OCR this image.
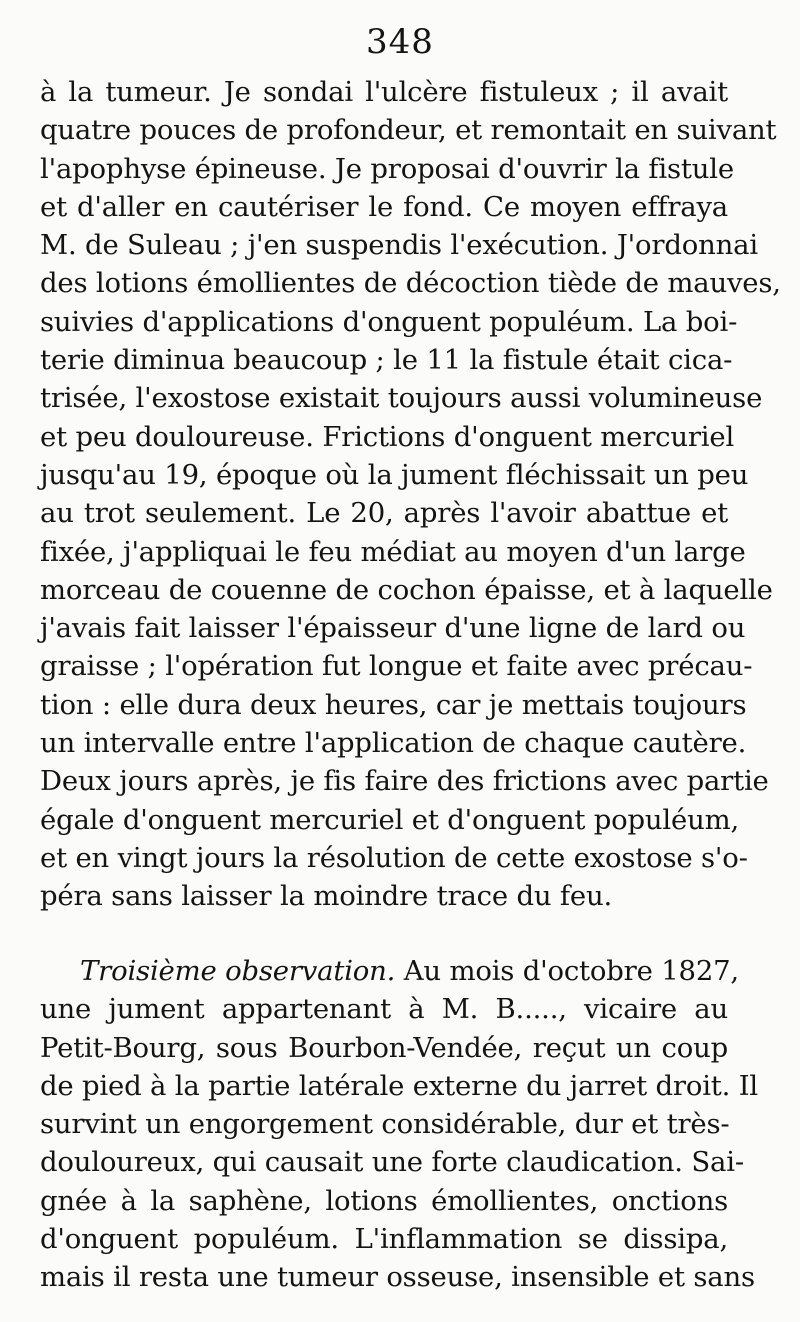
348
à la tumeur. Je sondai l'ulcère fistuleux ; il avait
quatre pouces de profondeur, et remontait en suivant
l'apophyse épineuse. Je proposai d'ouvrir la fistule
et d'aller en cautériser le fond. Ce moyen effraya
M. de Suleau ; j'en suspendis l'exécution. J'ordonnai
des lotions émollientes de décoction tiède de mauves,
suivies d'applications d'onguent populéum. La boi-
terie diminua beaucoup ; le 11 la fistule était cica-
trisée, l'exostose existait toujours aussi volumineuse
et peu douloureuse. Frictions d'onguent mercuriel
jusqu'au 19, époque où la jument fléchissait un peu
au trot seulement. Le 20, après l'avoir abattue et
fixée, j'appliquai le feu médiat au moyen d'un large
morceau de couenne de cochon épaisse, et à laquelle
j'avais fait laisser l'épaisseur d'une ligne de lard ou
graisse ; l'opération fut longue et faite avec précau-
tion : elle dura deux heures, car je mettais toujours
un intervalle entre l'application de chaque cautère.
Deux jours après, je fis faire des frictions avec partie
égale d'onguent mercuriel et d'onguent populéum,
et en vingt jours la résolution de cette exostose s'o-
péra sans laisser la moindre trace du feu.
Troisième observation. Au mois d'octobre 1827,
une jument appartenant à M. B....., vicaire au
Petit-Bourg, sous Bourbon-Vendée, reçut un coup
de pied à la partie latérale externe du jarret droit. Il
survint un engorgement considérable, dur et très-
douloureux, qui causait une forte claudication. Sai-
gnée à la saphène, lotions émollientes, onctions
d'onguent populéum. L'inflammation se dissipa,
mais il resta une tumeur osseuse, insensible et sans
